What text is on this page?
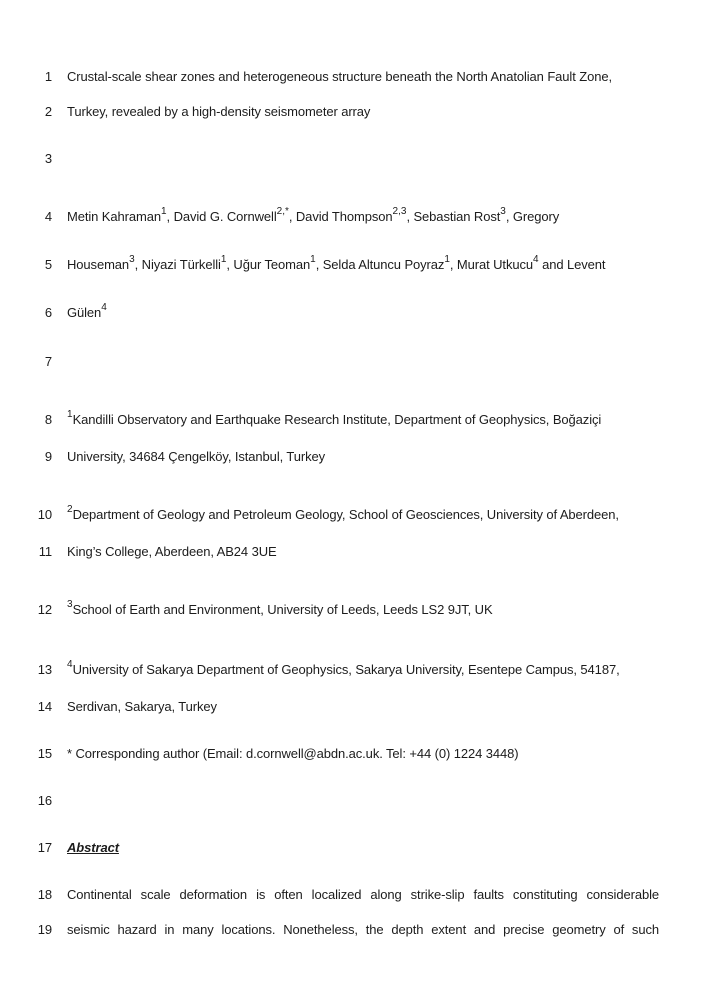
1 Crustal-scale shear zones and heterogeneous structure beneath the North Anatolian Fault Zone,
2 Turkey, revealed by a high-density seismometer array
3
4 Metin Kahraman$^1$, David G. Cornwell$^{2,*}$, David Thompson$^{2,3}$, Sebastian Rost$^3$, Gregory
5 Houseman$^3$, Niyazi Türkelli$^1$, Uğur Teoman$^1$, Selda Altuncu Poyraz$^1$, Murat Utkucu$^4$ and Levent
6 Gülen$^4$
7
8 $^1$Kandilli Observatory and Earthquake Research Institute, Department of Geophysics, Boğaziçi
9 University, 34684 Çengelköy, Istanbul, Turkey
10 $^2$Department of Geology and Petroleum Geology, School of Geosciences, University of Aberdeen,
11 King’s College, Aberdeen, AB24 3UE
12 $^3$School of Earth and Environment, University of Leeds, Leeds LS2 9JT, UK
13 $^4$University of Sakarya Department of Geophysics, Sakarya University, Esentepe Campus, 54187,
14 Serdivan, Sakarya, Turkey
15 * Corresponding author (Email: d.cornwell@abdn.ac.uk. Tel: +44 (0) 1224 3448)
16
17 Abstract
18 Continental scale deformation is often localized along strike-slip faults constituting considerable
19 seismic hazard in many locations. Nonetheless, the depth extent and precise geometry of such
